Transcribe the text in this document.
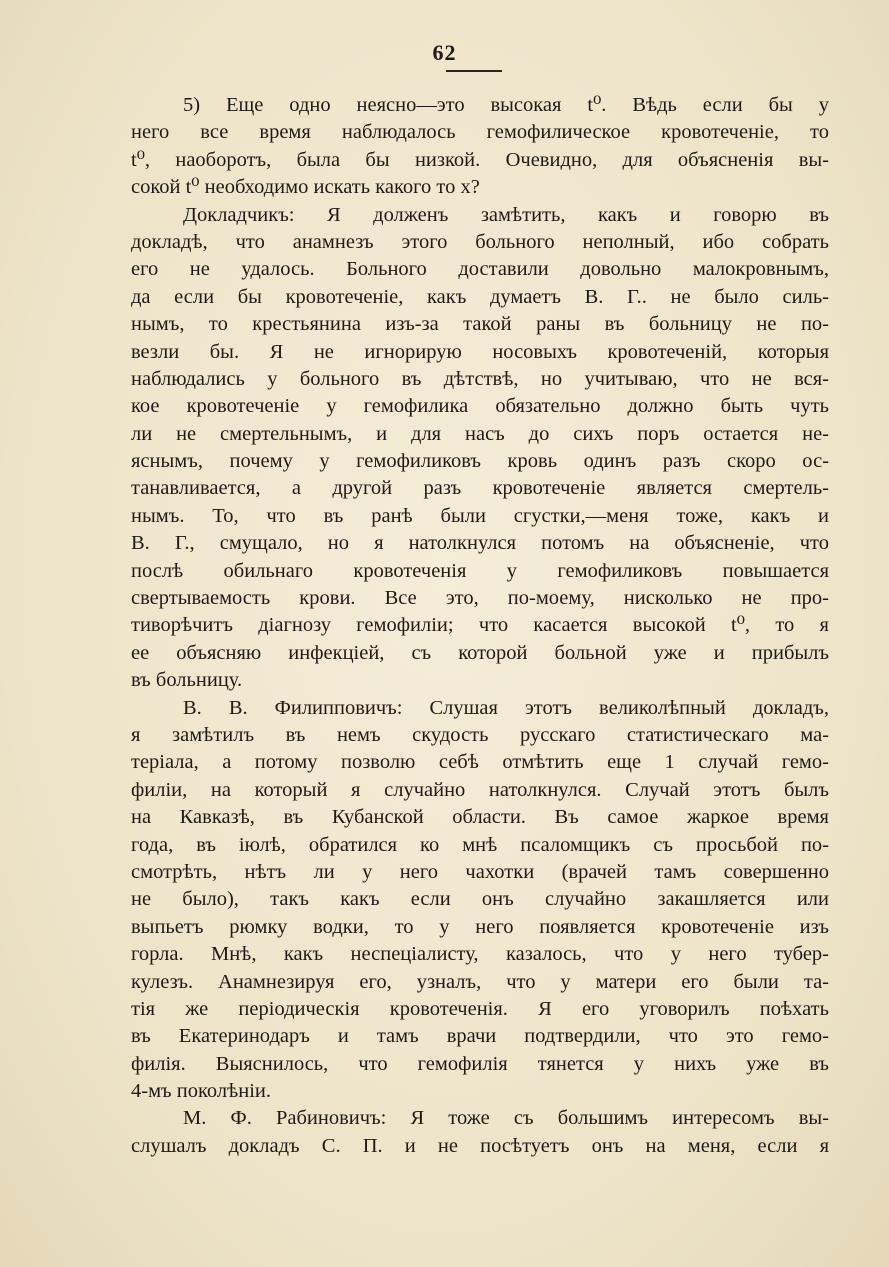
62
5) Еще одно неясно—это высокая t⁰. Вѣдь если бы у
него все время наблюдалось гемофилическое кровотеченіе, то
t⁰, наоборотъ, была бы низкой. Очевидно, для объясненія вы-
сокой t⁰ необходимо искать какого то x?
Докладчикъ: Я долженъ замѣтить, какъ и говорю въ
докладѣ, что анамнезъ этого больного неполный, ибо собрать
его не удалось. Больного доставили довольно малокровнымъ,
да если бы кровотеченіе, какъ думаетъ В. Г.. не было силь-
нымъ, то крестьянина изъ-за такой раны въ больницу не по-
везли бы. Я не игнорирую носовыхъ кровотеченій, которыя
наблюдались у больного въ дѣтствѣ, но учитываю, что не вся-
кое кровотеченіе у гемофилика обязательно должно быть чуть
ли не смертельнымъ, и для насъ до сихъ поръ остается не-
яснымъ, почему у гемофиликовъ кровь одинъ разъ скоро ос-
танавливается, а другой разъ кровотеченіе является смертель-
нымъ. То, что въ ранѣ были сгустки,—меня тоже, какъ и
В. Г., смущало, но я натолкнулся потомъ на объясненіе, что
послѣ обильнаго кровотеченія у гемофиликовъ повышается
свертываемость крови. Все это, по-моему, нисколько не про-
тиворѣчитъ діагнозу гемофиліи; что касается высокой t⁰, то я
ее объясняю инфекціей, съ которой больной уже и прибылъ
въ больницу.
В. В. Филипповичъ: Слушая этотъ великолѣпный докладъ,
я замѣтилъ въ немъ скудость русскаго статистическаго ма-
теріала, а потому позволю себѣ отмѣтить еще 1 случай гемо-
филіи, на который я случайно натолкнулся. Случай этотъ былъ
на Кавказѣ, въ Кубанской области. Въ самое жаркое время
года, въ іюлѣ, обратился ко мнѣ псаломщикъ съ просьбой по-
смотрѣть, нѣтъ ли у него чахотки (врачей тамъ совершенно
не было), такъ какъ если онъ случайно закашляется или
выпьетъ рюмку водки, то у него появляется кровотеченіе изъ
горла. Мнѣ, какъ неспеціалисту, казалось, что у него тубер-
кулезъ. Анамнезируя его, узналъ, что у матери его были та-
тія же періодическія кровотеченія. Я его уговорилъ поѣхать
въ Екатеринодаръ и тамъ врачи подтвердили, что это гемо-
филія. Выяснилось, что гемофилія тянется у нихъ уже въ
4-мъ поколѣніи.
М. Ф. Рабиновичъ: Я тоже съ большимъ интересомъ вы-
слушалъ докладъ С. П. и не посѣтуетъ онъ на меня, если я
